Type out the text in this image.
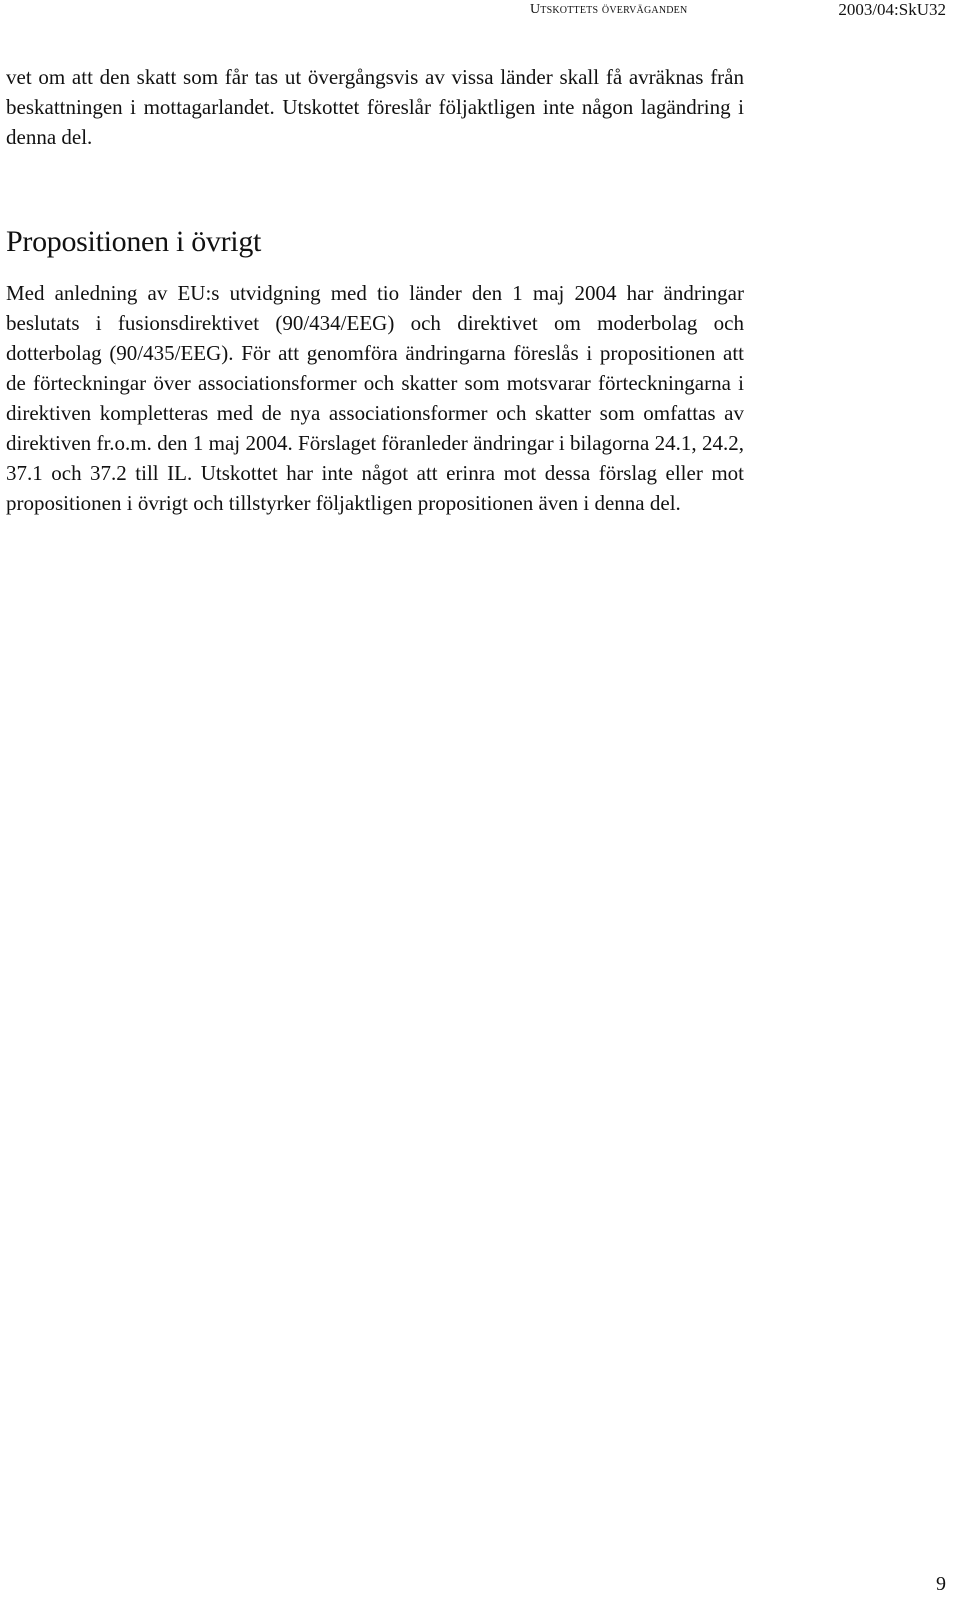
Utskottets överväganden	2003/04:SkU32

vet om att den skatt som får tas ut övergångsvis av vissa länder skall få avräknas från beskattningen i mottagarlandet. Utskottet föreslår följaktligen inte någon lagändring i denna del.

Propositionen i övrigt

Med anledning av EU:s utvidgning med tio länder den 1 maj 2004 har ändringar beslutats i fusionsdirektivet (90/434/EEG) och direktivet om moderbolag och dotterbolag (90/435/EEG). För att genomföra ändringarna föreslås i propositionen att de förteckningar över associationsformer och skatter som motsvarar förteckningarna i direktiven kompletteras med de nya associationsformer och skatter som omfattas av direktiven fr.o.m. den 1 maj 2004. Förslaget föranleder ändringar i bilagorna 24.1, 24.2, 37.1 och 37.2 till IL. Utskottet har inte något att erinra mot dessa förslag eller mot propositionen i övrigt och tillstyrker följaktligen propositionen även i denna del.

9
